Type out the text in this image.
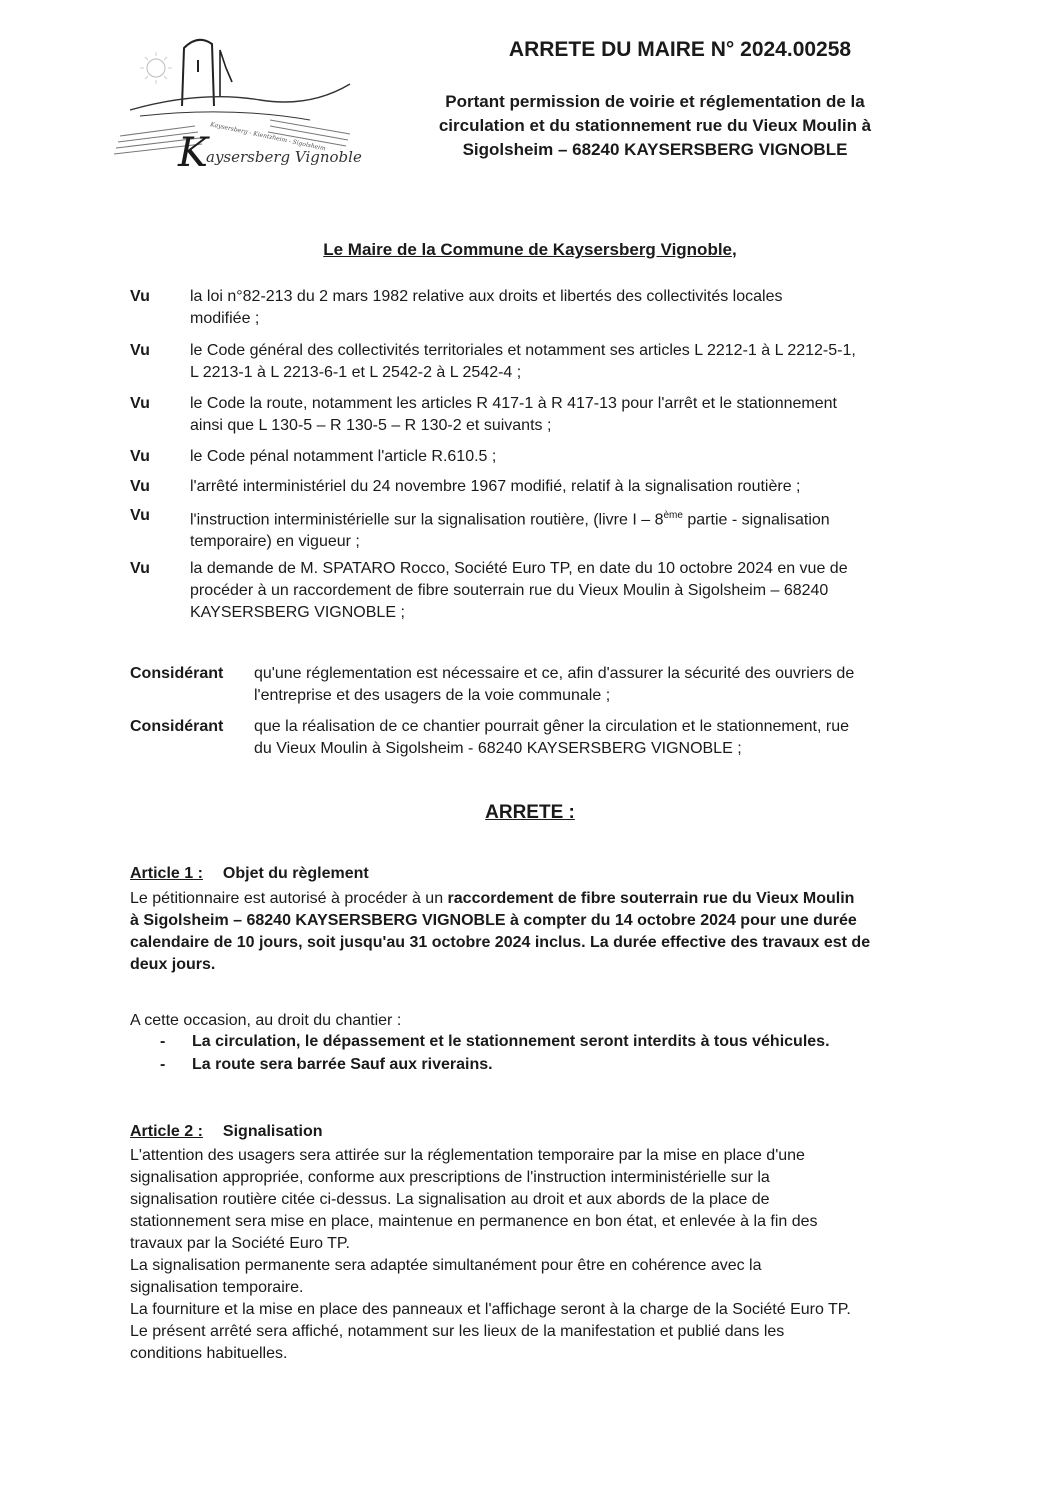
Kaysersberg - Kientzheim - Sigolsheim
K
aysersberg Vignoble
ARRETE DU MAIRE N° 2024.00258
Portant permission de voirie et réglementation de la
circulation et du stationnement rue du Vieux Moulin à
Sigolsheim – 68240 KAYSERSBERG VIGNOBLE
Le Maire de la Commune de Kaysersberg Vignoble,
Vu	la loi n°82-213 du 2 mars 1982 relative aux droits et libertés des collectivités locales
modifiée ;
Vu	le Code général des collectivités territoriales et notamment ses articles L 2212-1 à L 2212-5-1,
L 2213-1 à L 2213-6-1 et L 2542-2 à L 2542-4 ;
Vu	le Code la route, notamment les articles R 417-1 à R 417-13 pour l'arrêt et le stationnement
ainsi que L 130-5 – R 130-5 – R 130-2 et suivants ;
Vu	le Code pénal notamment l'article R.610.5 ;
Vu	l'arrêté interministériel du 24 novembre 1967 modifié, relatif à la signalisation routière ;
Vu	l'instruction interministérielle sur la signalisation routière, (livre I – 8ème partie - signalisation
temporaire) en vigueur ;
Vu	la demande de M. SPATARO Rocco, Société Euro TP, en date du 10 octobre 2024 en vue de
procéder à un raccordement de fibre souterrain rue du Vieux Moulin à Sigolsheim – 68240
KAYSERSBERG VIGNOBLE ;
Considérant qu'une réglementation est nécessaire et ce, afin d'assurer la sécurité des ouvriers de
l'entreprise et des usagers de la voie communale ;
Considérant que la réalisation de ce chantier pourrait gêner la circulation et le stationnement, rue
du Vieux Moulin à Sigolsheim - 68240 KAYSERSBERG VIGNOBLE ;
ARRETE :
Article 1 : Objet du règlement
Le pétitionnaire est autorisé à procéder à un raccordement de fibre souterrain rue du Vieux Moulin
à Sigolsheim – 68240 KAYSERSBERG VIGNOBLE à compter du 14 octobre 2024 pour une durée
calendaire de 10 jours, soit jusqu'au 31 octobre 2024 inclus. La durée effective des travaux est de
deux jours.
A cette occasion, au droit du chantier :
- La circulation, le dépassement et le stationnement seront interdits à tous véhicules.
- La route sera barrée Sauf aux riverains.
Article 2 : Signalisation
L'attention des usagers sera attirée sur la réglementation temporaire par la mise en place d'une
signalisation appropriée, conforme aux prescriptions de l'instruction interministérielle sur la
signalisation routière citée ci-dessus. La signalisation au droit et aux abords de la place de
stationnement sera mise en place, maintenue en permanence en bon état, et enlevée à la fin des
travaux par la Société Euro TP.
La signalisation permanente sera adaptée simultanément pour être en cohérence avec la
signalisation temporaire.
La fourniture et la mise en place des panneaux et l'affichage seront à la charge de la Société Euro TP.
Le présent arrêté sera affiché, notamment sur les lieux de la manifestation et publié dans les
conditions habituelles.
